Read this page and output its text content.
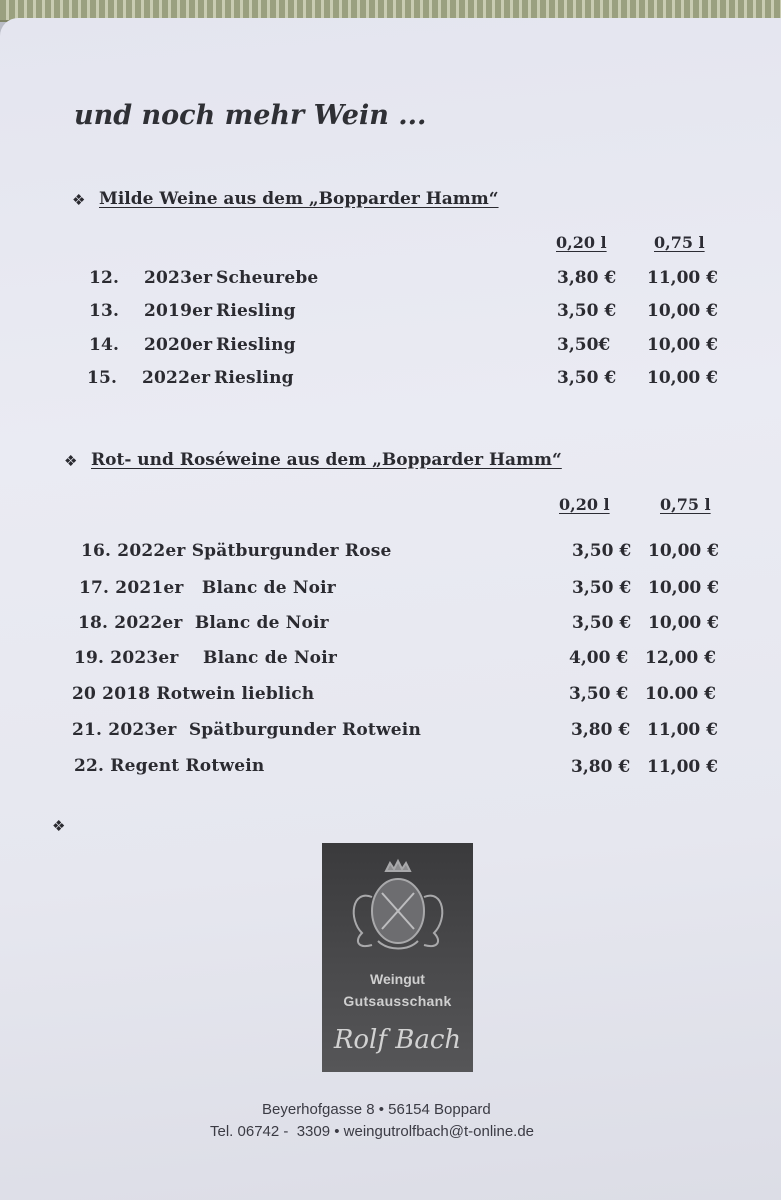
und noch mehr Wein ...
❖ Milde Weine aus dem „Bopparder Hamm“
0,20 l	0,75 l
12. 2023er Scheurebe	3,80 € 11,00 €
13. 2019er Riesling	3,50 € 10,00 €
14. 2020er Riesling	3,50€ 10,00 €
15. 2022er Riesling	3,50 € 10,00 €
❖ Rot- und Roséweine aus dem „Bopparder Hamm“
0,20 l	0,75 l
16. 2022er Spätburgunder Rose	3,50 € 10,00 €
17. 2021er   Blanc de Noir	3,50 € 10,00 €
18. 2022er  Blanc de Noir	3,50 € 10,00 €
19. 2023er    Blanc de Noir	4,00 € 12,00 €
20 2018 Rotwein lieblich	3,50 € 10.00 €
21. 2023er  Spätburgunder Rotwein	3,80 € 11,00 €
22. Regent Rotwein	3,80 € 11,00 €
❖
Weingut
Gutsausschank
Rolf Bach
Beyerhofgasse 8 • 56154 Boppard
Tel. 06742 -  3309 • weingutrolfbach@t-online.de
